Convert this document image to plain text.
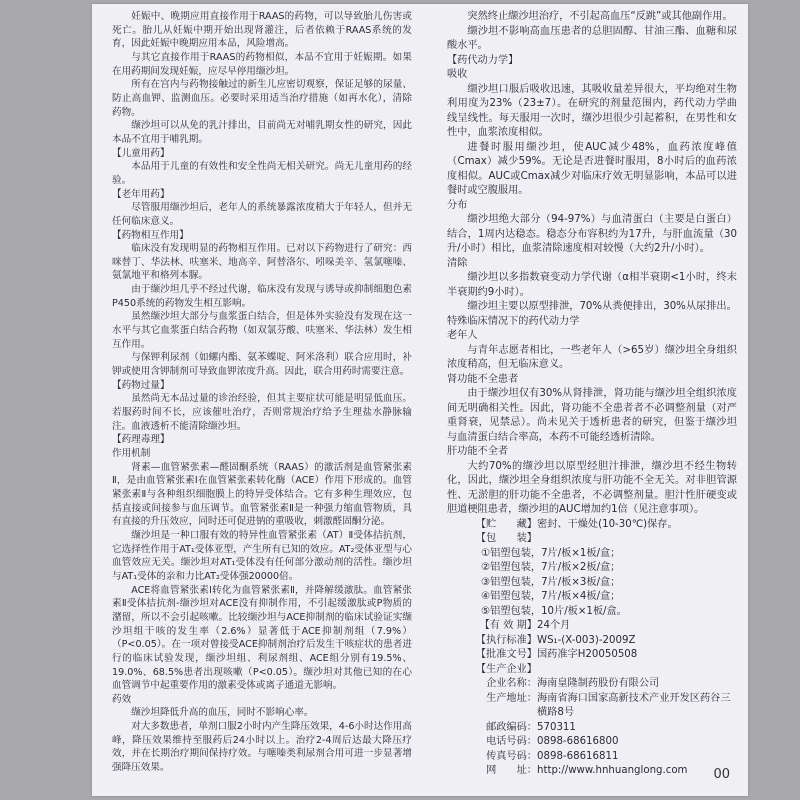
妊娠中、晚期应用直接作用于RAAS的药物，可以导致胎儿伤害或死亡。胎儿从妊娠中期开始出现肾灌注，后者依赖于RAAS系统的发育，因此妊娠中晚期应用本品，风险增高。

与其它直接作用于RAAS的药物相似，本品不宜用于妊娠期。如果在用药期间发现妊娠，应尽早停用缬沙坦。

所有在宫内与药物接触过的新生儿应密切观察，保证足够的尿量、防止高血钾、监测血压。必要时采用适当治疗措施（如再水化），清除药物。

缬沙坦可以从免的乳汁排出，目前尚无对哺乳期女性的研究，因此本品不宜用于哺乳期。

【儿童用药】

本品用于儿童的有效性和安全性尚无相关研究。尚无儿童用药的经验。

【老年用药】

尽管服用缬沙坦后，老年人的系统暴露浓度稍大于年轻人，但并无任何临床意义。

【药物相互作用】

临床没有发现明显的药物相互作用。已对以下药物进行了研究：西咪替丁、华法林、呋塞米、地高辛、阿替洛尔、吲哚美辛、氢氯噻嗪、氨氯地平和格列本脲。

由于缬沙坦几乎不经过代谢，临床没有发现与诱导或抑制细胞色素P450系统的药物发生相互影响。

虽然缬沙坦大部分与血浆蛋白结合，但是体外实验没有发现在这一水平与其它血浆蛋白结合药物（如双氯芬酸、呋塞米、华法林）发生相互作用。

与保钾利尿剂（如螺内酯、氨苯蝶啶、阿米洛利）联合应用时，补钾或使用含钾制剂可导致血钾浓度升高。因此，联合用药时需要注意。

【药物过量】

虽然尚无本品过量的诊治经验，但其主要症状可能是明显低血压。若服药时间不长，应该催吐治疗，否则常规治疗给予生理盐水静脉输注。血液透析不能清除缬沙坦。

【药理毒理】

作用机制

肾素—血管紧张素—醛固酮系统（RAAS）的激活剂是血管紧张素Ⅱ，是由血管紧张素Ⅰ在血管紧张素转化酶（ACE）作用下形成的。血管紧张素Ⅱ与各种组织细胞膜上的特异受体结合。它有多种生理效应，包括直接或间接参与血压调节。血管紧张素Ⅱ是一种强力缩血管物质，具有直接的升压效应，同时还可促进钠的重吸收，刺激醛固酮分泌。

缬沙坦是一种口服有效的特异性血管紧张素（AT）Ⅱ受体拮抗剂，它选择性作用于AT₁受体亚型，产生所有已知的效应。AT₂受体亚型与心血管效应无关。缬沙坦对AT₁受体没有任何部分激动剂的活性。缬沙坦与AT₁受体的亲和力比AT₂受体强20000倍。

ACE将血管紧张素Ⅰ转化为血管紧张素Ⅱ，并降解缓激肽。血管紧张素Ⅱ受体拮抗剂-缬沙坦对ACE没有抑制作用，不引起缓激肽或P物质的潴留，所以不会引起咳嗽。比较缬沙坦与ACE抑制剂的临床试验证实缬沙坦组干咳的发生率（2.6%）显著低于ACE抑制剂组（7.9%）（P<0.05）。在一项对曾接受ACE抑制剂治疗后发生干咳症状的患者进行的临床试验发现，缬沙坦组、利尿剂组、ACE组分别有19.5%、19.0%、68.5%患者出现咳嗽（P<0.05）。缬沙坦对其他已知的在心血管调节中起重要作用的激素受体或离子通道无影响。

药效

缬沙坦降低升高的血压，同时不影响心率。

对大多数患者，单剂口服2小时内产生降压效果，4-6小时达作用高峰，降压效果维持至服药后24小时以上。治疗2-4周后达最大降压疗效，并在长期治疗期间保持疗效。与噻嗪类利尿剂合用可进一步显著增强降压效果。

突然终止缬沙坦治疗，不引起高血压“反跳”或其他副作用。

缬沙坦不影响高血压患者的总胆固醇、甘油三酯、血糖和尿酸水平。

【药代动力学】

吸收

缬沙坦口服后吸收迅速，其吸收量差异很大，平均绝对生物利用度为23%（23±7）。在研究的剂量范围内，药代动力学曲线呈线性。每天服用一次时，缬沙坦很少引起蓄积，在男性和女性中，血浆浓度相似。

进餐时服用缬沙坦，使AUC减少48%，血药浓度峰值（Cmax）减少59%。无论是否进餐时服用，8小时后的血药浓度相似。AUC或Cmax减少对临床疗效无明显影响，本品可以进餐时或空腹服用。

分布

缬沙坦绝大部分（94-97%）与血清蛋白（主要是白蛋白）结合，1周内达稳态。稳态分布容积约为17升，与肝血流量（30升/小时）相比，血浆清除速度相对较慢（大约2升/小时）。

清除

缬沙坦以多指数衰变动力学代谢（α相半衰期<1小时，终末半衰期约9小时）。

缬沙坦主要以原型排泄，70%从粪便排出，30%从尿排出。

特殊临床情况下的药代动力学

老年人

与青年志愿者相比，一些老年人（>65岁）缬沙坦全身组织浓度稍高，但无临床意义。

肾功能不全患者

由于缬沙坦仅有30%从肾排泄，肾功能与缬沙坦全组织浓度间无明确相关性。因此，肾功能不全患者者不必调整剂量（对严重肾衰，见禁忌）。尚未见关于透析患者的研究，但鉴于缬沙坦与血清蛋白结合率高，本药不可能经透析清除。

肝功能不全者

大约70%的缬沙坦以原型经胆汁排泄，缬沙坦不经生物转化，因此，缬沙坦全身组织浓度与肝功能不全无关。对非胆管源性、无淤胆的肝功能不全患者，不必调整剂量。胆汁性肝硬变或胆道梗阻患者，缬沙坦的AUC增加约1倍（见注意事项）。

【贮　　藏】 密封、干燥处(10-30℃)保存。
【包　　装】

①铝塑包装，7片/板×1板/盒；

②铝塑包装，7片/板×2板/盒；

③铝塑包装，7片/板×3板/盒；

④铝塑包装，7片/板×4板/盒；

⑤铝塑包装，10片/板×1板/盒。

【有 效 期】 24个月
【执行标准】 WS₁-(X-003)-2009Z
【批准文号】 国药准字H20050508
【生产企业】
企业名称： 海南皇隆制药股份有限公司
生产地址： 海南省海口国家高新技术产业开发区药谷三横路8号
邮政编码： 570311
电话号码： 0898-68616800
传真号码： 0898-68616811
网　　址： http://www.hnhuanglong.com	00
